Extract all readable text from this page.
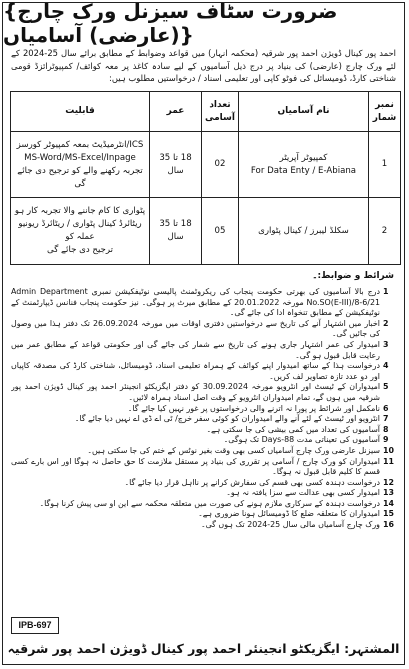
{ضرورت سٹاف سیزنل ورک چارج (عارضی) آسامیاں}
احمد پور کینال ڈویژن احمد پور شرقیہ (محکمہ انہار) میں قواعد وضوابط کے مطابق برائے سال 25-2024 کے لئے ورک چارج (عارضی) کی بنیاد پر درج ذیل آسامیوں کے لیے سادہ کاغذ پر معہ کوائف/ کمپیوٹرائزڈ قومی شناختی کارڈ، ڈومیسائل کی فوٹو کاپی اور تعلیمی اسناد / درخواستیں مطلوب ہیں:
نمبر شمار
نام آسامیاں
تعداد آسامی
عمر
قابلیت
1
کمپیوٹر آپریٹر
For Data Enty / E-Abiana
02
18 تا 35 سال
ICS/انٹرمیڈیٹ بمعہ کمپیوٹر کورسز
MS-Word/MS-Excel/Inpage
تجربہ رکھنے والے کو ترجیح دی جائے گی
2
سکلڈ لیبرز / کینال پٹواری
05
18 تا 35 سال
پٹواری کا کام جاننے والا تجربہ کار ہو
ریٹائرڈ کینال پٹواری / ریٹائرڈ ریونیو عملہ کو
ترجیح دی جائے گی
شرائط و ضوابط:۔

1
درج بالا آسامیوں کی بھرتی حکومت پنجاب کی ریکروٹمنٹ پالیسی نوٹیفکیشن نمبری Admin Department No.SO(E-III)/8-6/21 مورخہ 20.01.2022 کے مطابق میرٹ پر ہوگی۔ نیز حکومت پنجاب فنانس ڈیپارٹمنٹ کے نوٹیفکیشن کے مطابق تنخواہ ادا کی جائے گی۔

2
اخبار میں اشتہار آنے کی تاریخ سے درخواستیں دفتری اوقات میں مورخہ 26.09.2024 تک دفتر ہذا میں وصول کی جائیں گی۔

3
امیدوار کی عمر اشتہار جاری ہونے کی تاریخ سے شمار کی جائے گی اور حکومتی قواعد کے مطابق عمر میں رعایت قابل قبول ہو گی۔

4
درخواست ہذا کے ساتھ امیدوار اپنے کوائف کے ہمراہ تعلیمی اسناد، ڈومیسائل، شناختی کارڈ کی مصدقہ کاپیاں اور دو عدد تازہ تصاویر لف کریں۔

5
امیدواران کے ٹیسٹ اور انٹرویو مورخہ 30.09.2024 کو دفتر ایگزیکٹو انجینئر احمد پور کینال ڈویژن احمد پور شرقیہ میں ہوں گے، تمام امیدواران انٹرویو کے وقت اصل اسناد ہمراہ لائیں۔

6
نامکمل اور شرائط پر پورا نہ اترنے والی درخواستوں پر غور نہیں کیا جائے گا۔

7
انٹرویو اور ٹیسٹ کے لئے آنے والے امیدواران کو کوئی سفر خرچ/ ٹی اے ڈی اے نہیں دیا جائے گا۔

8
آسامیوں کی تعداد میں کمی بیشی کی جا سکتی ہے۔

9
آسامیوں کی تعیناتی مدت 88-Days تک ہوگی۔

10
سیزنل عارضی ورک چارج آسامیاں کسی بھی وقت بغیر نوٹس کے ختم کی جا سکتی ہیں۔

11
امیدواران کو ورک چارج / آسامی پر تقرری کی بنیاد پر مستقل ملازمت کا حق حاصل نہ ہوگا اور اس بارے کسی قسم کا کلیم قابل قبول نہ ہوگا۔

12
درخواست دہندہ کسی بھی قسم کی سفارش کرانے پر نااہل قرار دیا جائے گا۔

13
امیدوار کسی بھی عدالت سے سزا یافتہ نہ ہو۔

14
درخواست دہندہ کے سرکاری ملازم ہونے کی صورت میں متعلقہ محکمہ سے این او سی پیش کرنا ہوگا۔

15
امیدواران کا متعلقہ ضلع کا ڈومیسائل ہونا ضروری ہے۔

16
ورک چارج آسامیاں مالی سال 25-2024 تک ہوں گی۔

IPB-697
المشتہر: ایگزیکٹو انجینئر احمد پور کینال ڈویژن احمد پور شرقیہ
